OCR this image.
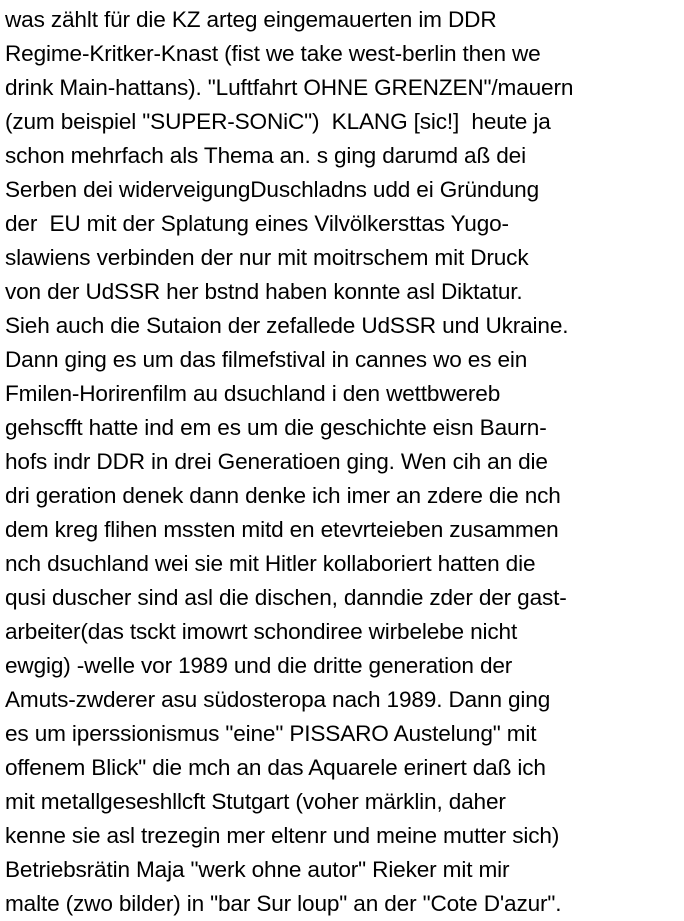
was zählt für die KZ arteg eingemauerten im DDR
Regime-Kritker-Knast (fist we take west-berlin then we
drink Main-hattans). "Luftfahrt OHNE GRENZEN"/mauern
(zum beispiel "SUPER-SONiC")  KLANG [sic!]  heute ja
schon mehrfach als Thema an. s ging darumd aß dei
Serben dei widerveigungDuschladns udd ei Gründung
der  EU mit der Splatung eines Vilvölkersttas Yugo-
slawiens verbinden der nur mit moitrschem mit Druck
von der UdSSR her bstnd haben konnte asl Diktatur.
Sieh auch die Sutaion der zefallede UdSSR und Ukraine.
Dann ging es um das filmefstival in cannes wo es ein
Fmilen-Horirenfilm au dsuchland i den wettbwereb
gehscfft hatte ind em es um die geschichte eisn Baurn-
hofs indr DDR in drei Generatioen ging. Wen cih an die
dri geration denek dann denke ich imer an zdere die nch
dem kreg flihen mssten mitd en etevrteieben zusammen
nch dsuchland wei sie mit Hitler kollaboriert hatten die
qusi duscher sind asl die dischen, danndie zder der gast-
arbeiter(das tsckt imowrt schondiree wirbelebe nicht
ewgig) -welle vor 1989 und die dritte generation der
Amuts-zwderer asu südosteropa nach 1989. Dann ging
es um iperssionismus "eine" PISSARO Austelung" mit
offenem Blick" die mch an das Aquarele erinert daß ich
mit metallgeseshllcft Stutgart (voher märklin, daher
kenne sie asl trezegin mer eltenr und meine mutter sich)
Betriebsrätin Maja "werk ohne autor" Rieker mit mir
malte (zwo bilder) in "bar Sur loup" an der "Cote D'azur".
